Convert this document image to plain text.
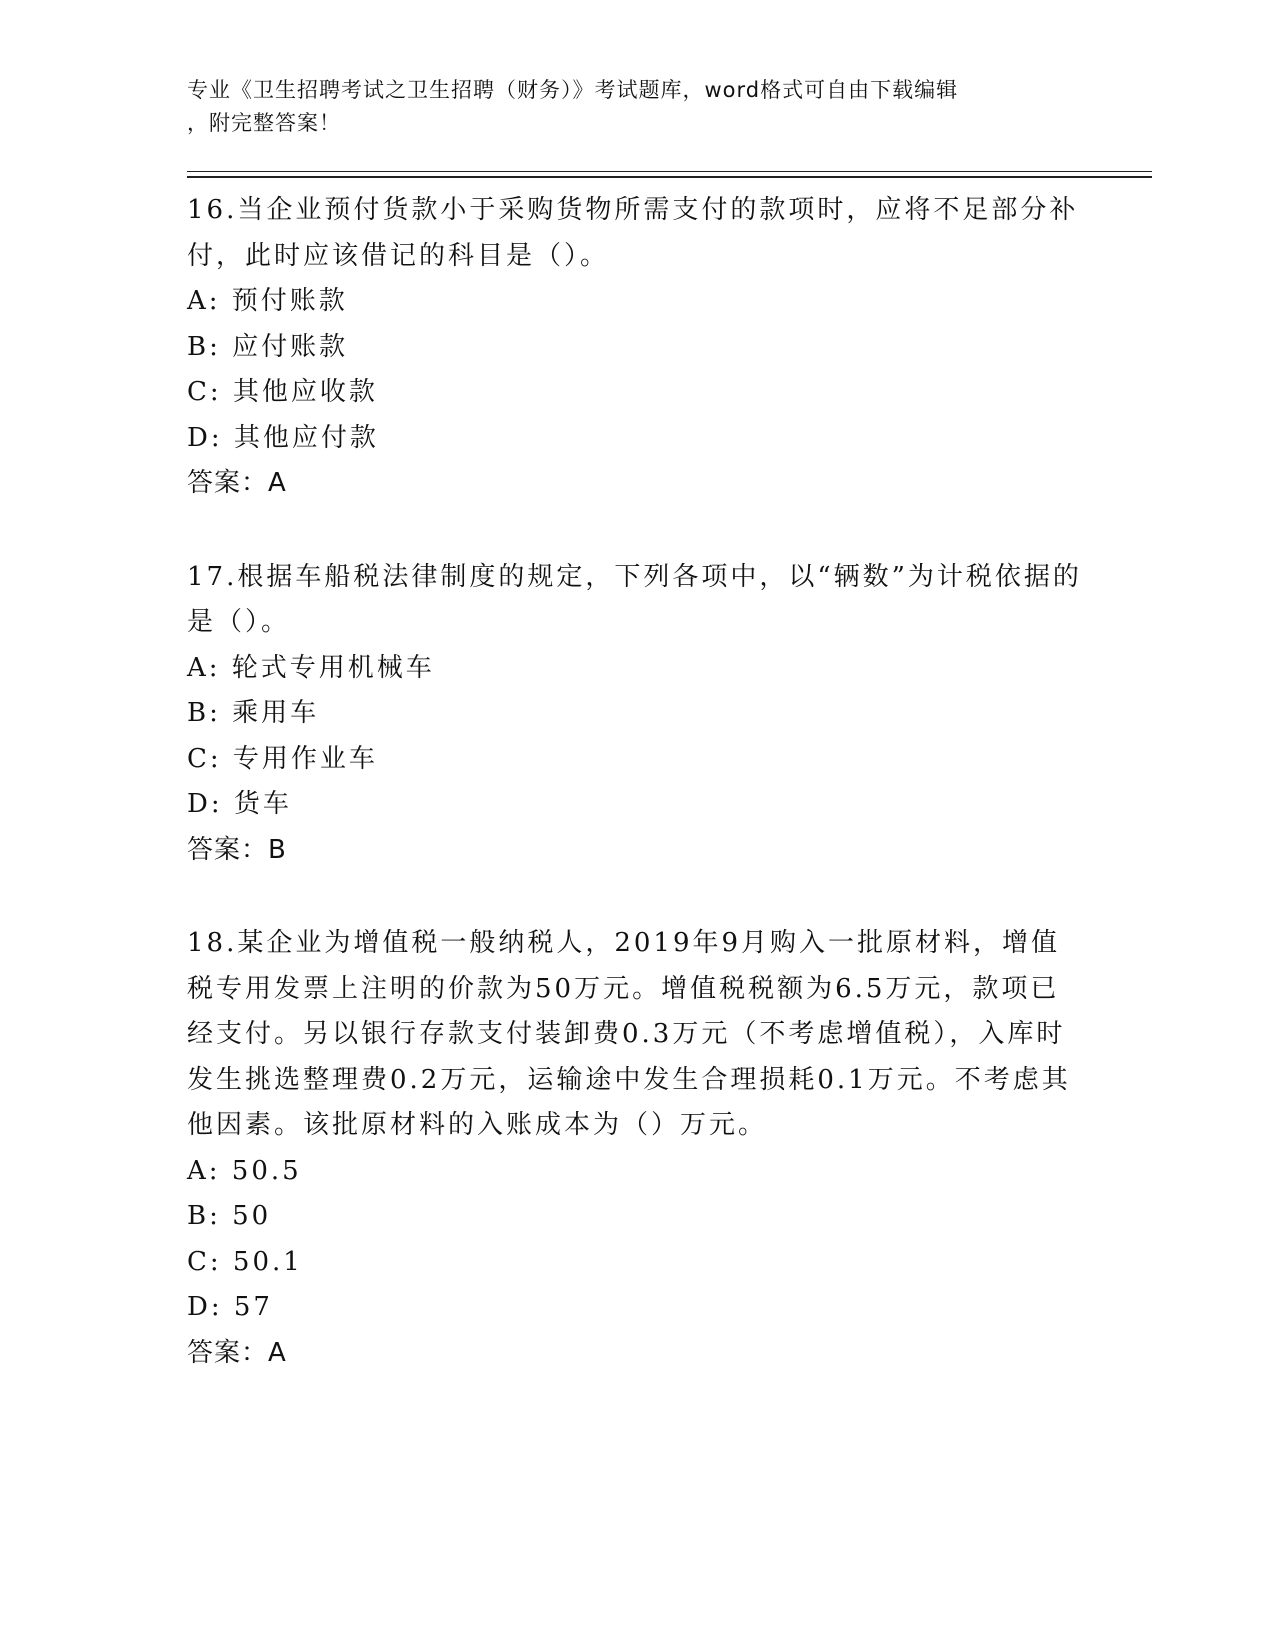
专业《卫生招聘考试之卫生招聘（财务）》考试题库，word格式可自由下载编辑
，附完整答案！

16.当企业预付货款小于采购货物所需支付的款项时，应将不足部分补付，此时应该借记的科目是（）。

A: 预付账款

B: 应付账款

C: 其他应收款

D: 其他应付款

答案：A

17.根据车船税法律制度的规定，下列各项中，以“辆数”为计税依据的是（）。

A: 轮式专用机械车

B: 乘用车

C: 专用作业车

D: 货车

答案：B

18.某企业为增值税一般纳税人，2019年9月购入一批原材料，增值税专用发票上注明的价款为50万元。增值税税额为6.5万元，款项已经支付。另以银行存款支付装卸费0.3万元（不考虑增值税），入库时发生挑选整理费0.2万元，运输途中发生合理损耗0.1万元。不考虑其他因素。该批原材料的入账成本为（）万元。

A: 50.5

B: 50

C: 50.1

D: 57

答案：A
